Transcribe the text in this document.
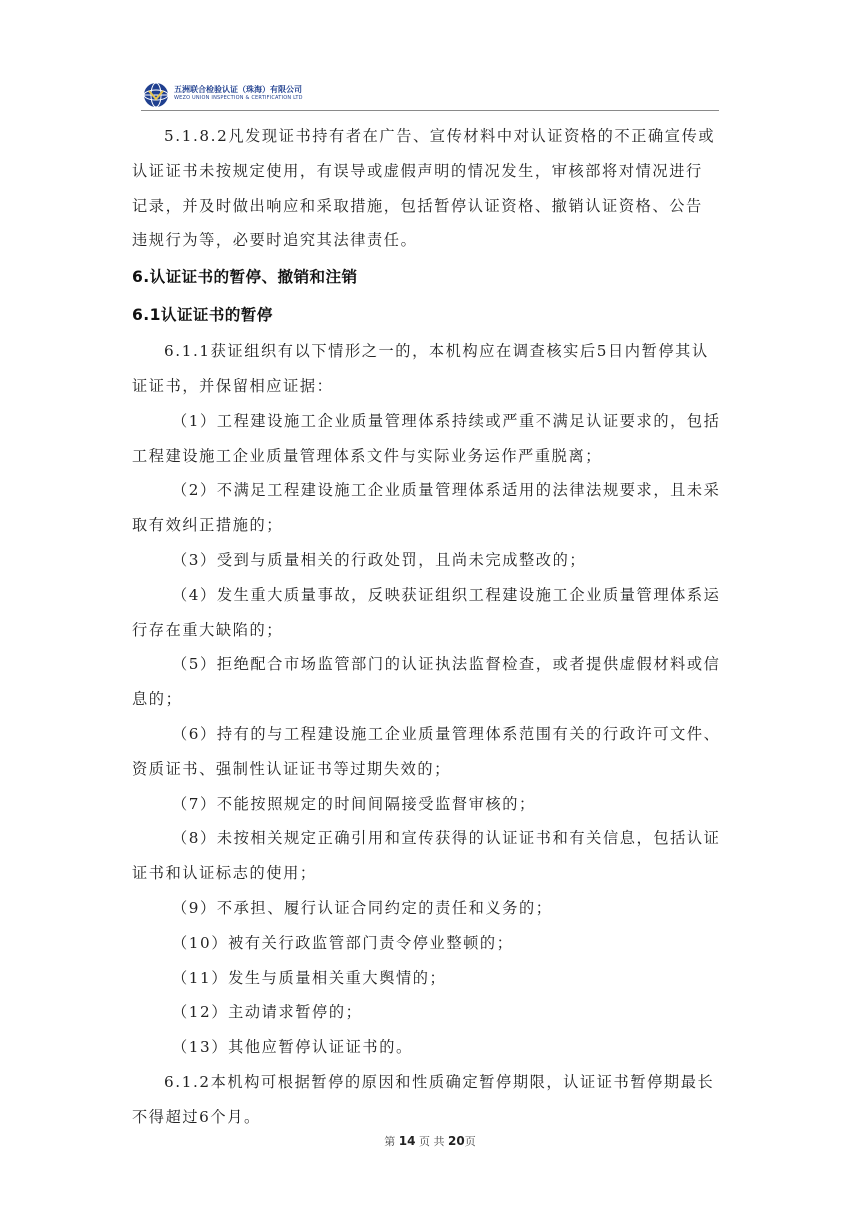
五洲联合检验认证（珠海）有限公司
WEZO UNION INSPECTION & CERTIFICATION LTD
5.1.8.2凡发现证书持有者在广告、宣传材料中对认证资格的不正确宣传或
认证证书未按规定使用，有误导或虚假声明的情况发生，审核部将对情况进行
记录，并及时做出响应和采取措施，包括暂停认证资格、撤销认证资格、公告
违规行为等，必要时追究其法律责任。
6.认证证书的暂停、撤销和注销
6.1认证证书的暂停
6.1.1获证组织有以下情形之一的，本机构应在调查核实后5日内暂停其认
证证书，并保留相应证据：
（1）工程建设施工企业质量管理体系持续或严重不满足认证要求的，包括
工程建设施工企业质量管理体系文件与实际业务运作严重脱离；
（2）不满足工程建设施工企业质量管理体系适用的法律法规要求，且未采
取有效纠正措施的；
（3）受到与质量相关的行政处罚，且尚未完成整改的；
（4）发生重大质量事故，反映获证组织工程建设施工企业质量管理体系运
行存在重大缺陷的；
（5）拒绝配合市场监管部门的认证执法监督检查，或者提供虚假材料或信
息的；
（6）持有的与工程建设施工企业质量管理体系范围有关的行政许可文件、
资质证书、强制性认证证书等过期失效的；
（7）不能按照规定的时间间隔接受监督审核的；
（8）未按相关规定正确引用和宣传获得的认证证书和有关信息，包括认证
证书和认证标志的使用；
（9）不承担、履行认证合同约定的责任和义务的；
（10）被有关行政监管部门责令停业整顿的；
（11）发生与质量相关重大舆情的；
（12）主动请求暂停的；
（13）其他应暂停认证证书的。
6.1.2本机构可根据暂停的原因和性质确定暂停期限，认证证书暂停期最长
不得超过6个月。
第 14 页 共 20页
